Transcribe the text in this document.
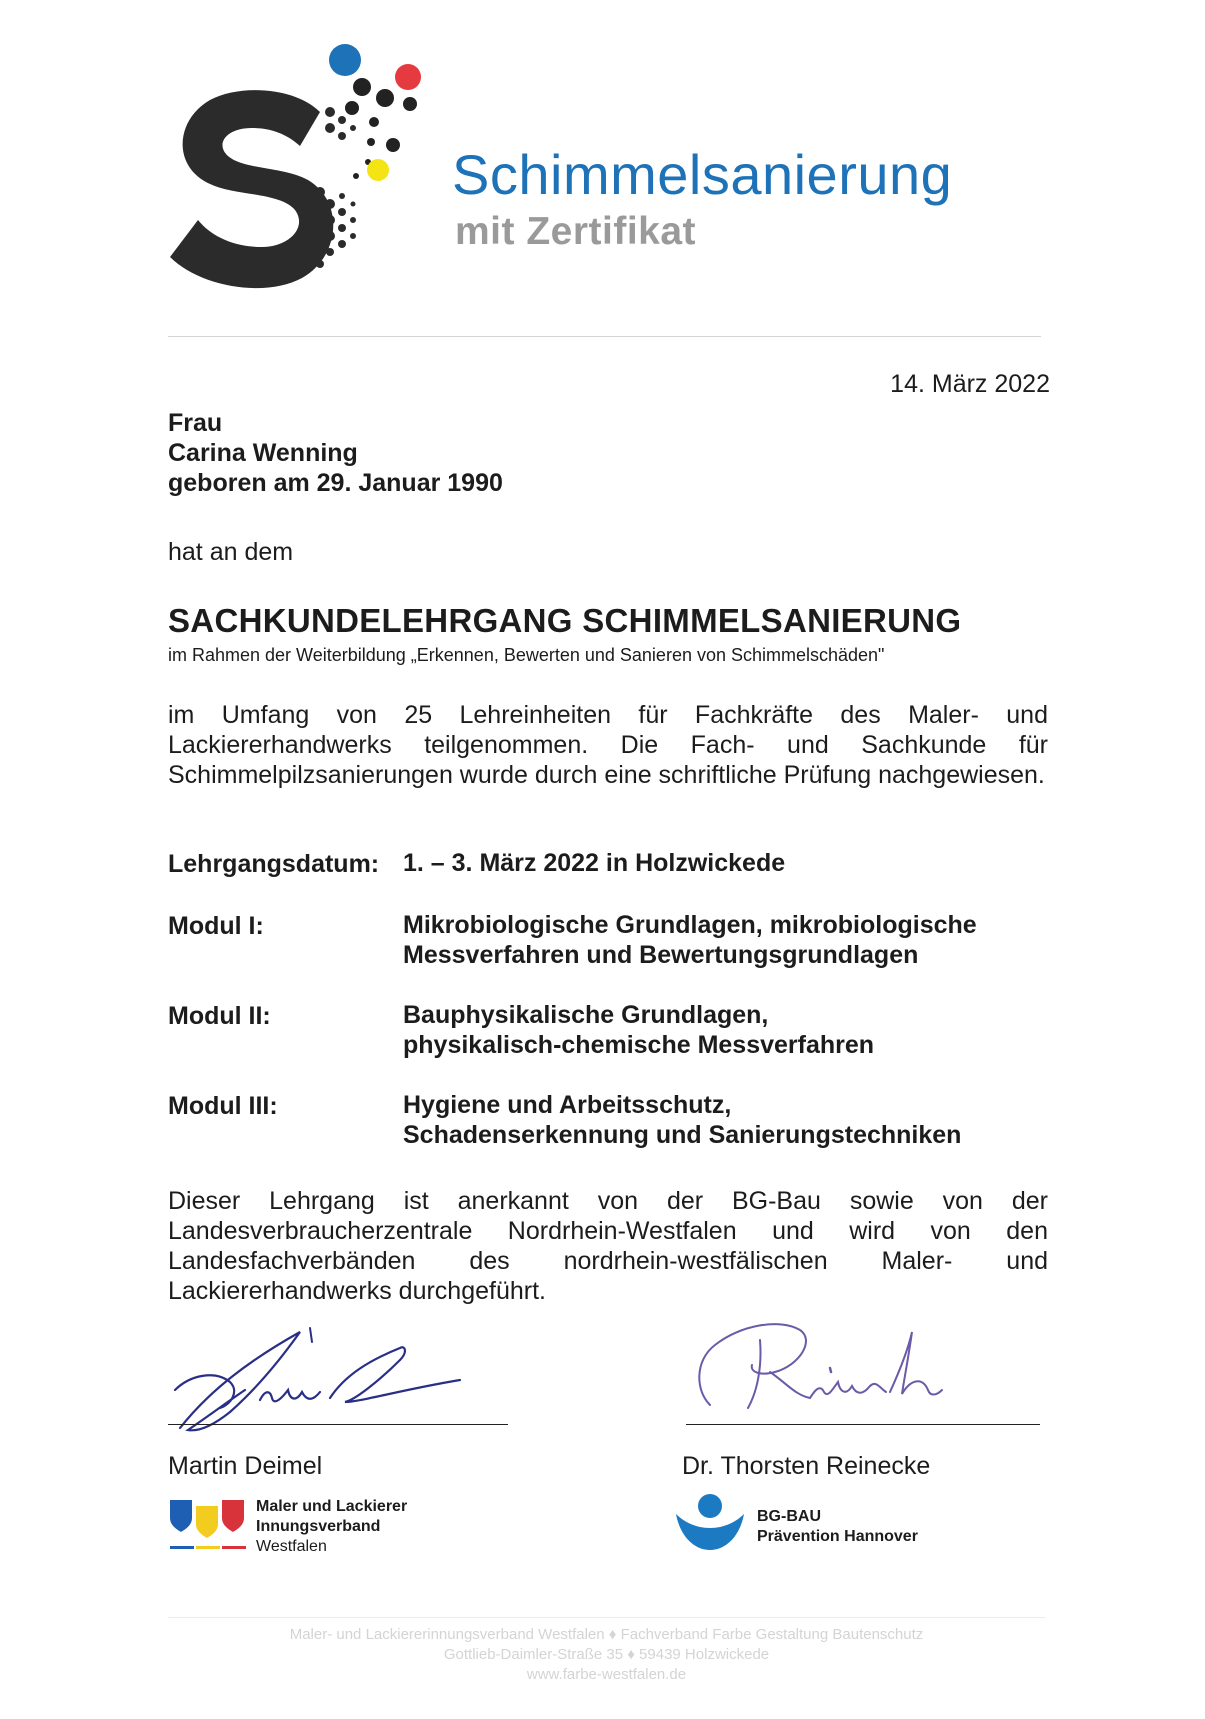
Schimmelsanierung
mit Zertifikat
14. März 2022
Frau
Carina Wenning
geboren am 29. Januar 1990
hat an dem
SACHKUNDELEHRGANG SCHIMMELSANIERUNG
im Rahmen der Weiterbildung „Erkennen, Bewerten und Sanieren von Schimmelschäden"
im Umfang von 25 Lehreinheiten für Fachkräfte des Maler- und Lackiererhandwerks teilgenommen. Die Fach- und Sachkunde für Schimmelpilzsanierungen wurde durch eine schriftliche Prüfung nachgewiesen.
Lehrgangsdatum: 1. – 3. März 2022 in Holzwickede
Modul I:	Mikrobiologische Grundlagen, mikrobiologische
Messverfahren und Bewertungsgrundlagen
Modul II:	Bauphysikalische Grundlagen,
physikalisch-chemische Messverfahren
Modul III:	Hygiene und Arbeitsschutz,
Schadenserkennung und Sanierungstechniken
Dieser Lehrgang ist anerkannt von der BG-Bau sowie von der Landesverbraucherzentrale Nordrhein-Westfalen und wird von den Landesfachverbänden des nordrhein-westfälischen Maler- und Lackiererhandwerks durchgeführt.
Martin Deimel
Maler und Lackierer
Innungsverband
Westfalen
Dr. Thorsten Reinecke
BG-BAU
Prävention Hannover
Maler- und Lackiererinnungsverband Westfalen ♦ Fachverband Farbe Gestaltung Bautenschutz
Gottlieb-Daimler-Straße 35 ♦ 59439 Holzwickede
www.farbe-westfalen.de
